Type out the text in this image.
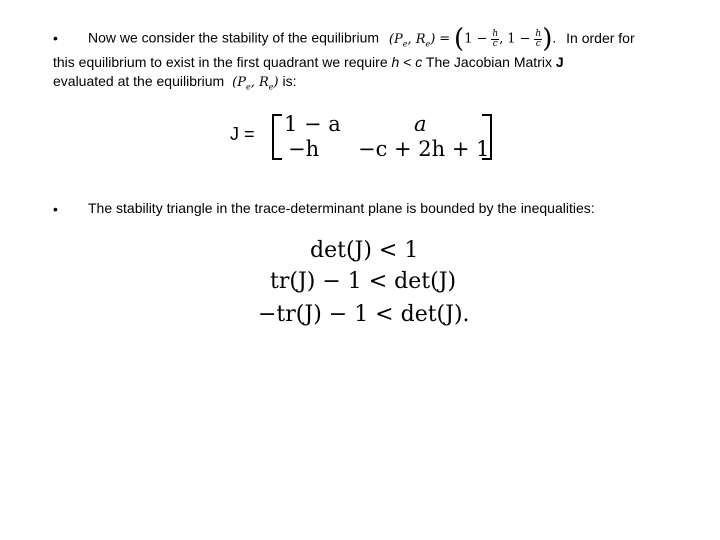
• Now we consider the stability of the equilibrium ($P_e$, $R_e) = (1 - \frac{h}{c}$ , $1 - \frac{h}{c}$ ). In order for
this equilibrium to exist in the first quadrant we require h < c The Jacobian Matrix J
evaluated at the equilibrium ($P_e$, $R_e$) is:
J = 1 − a	a
−h −c + 2h + 1
• The stability triangle in the trace-determinant plane is bounded by the inequalities:
det(J) < 1
tr(J) − 1 < det(J)
−tr(J) − 1 < det(J).
